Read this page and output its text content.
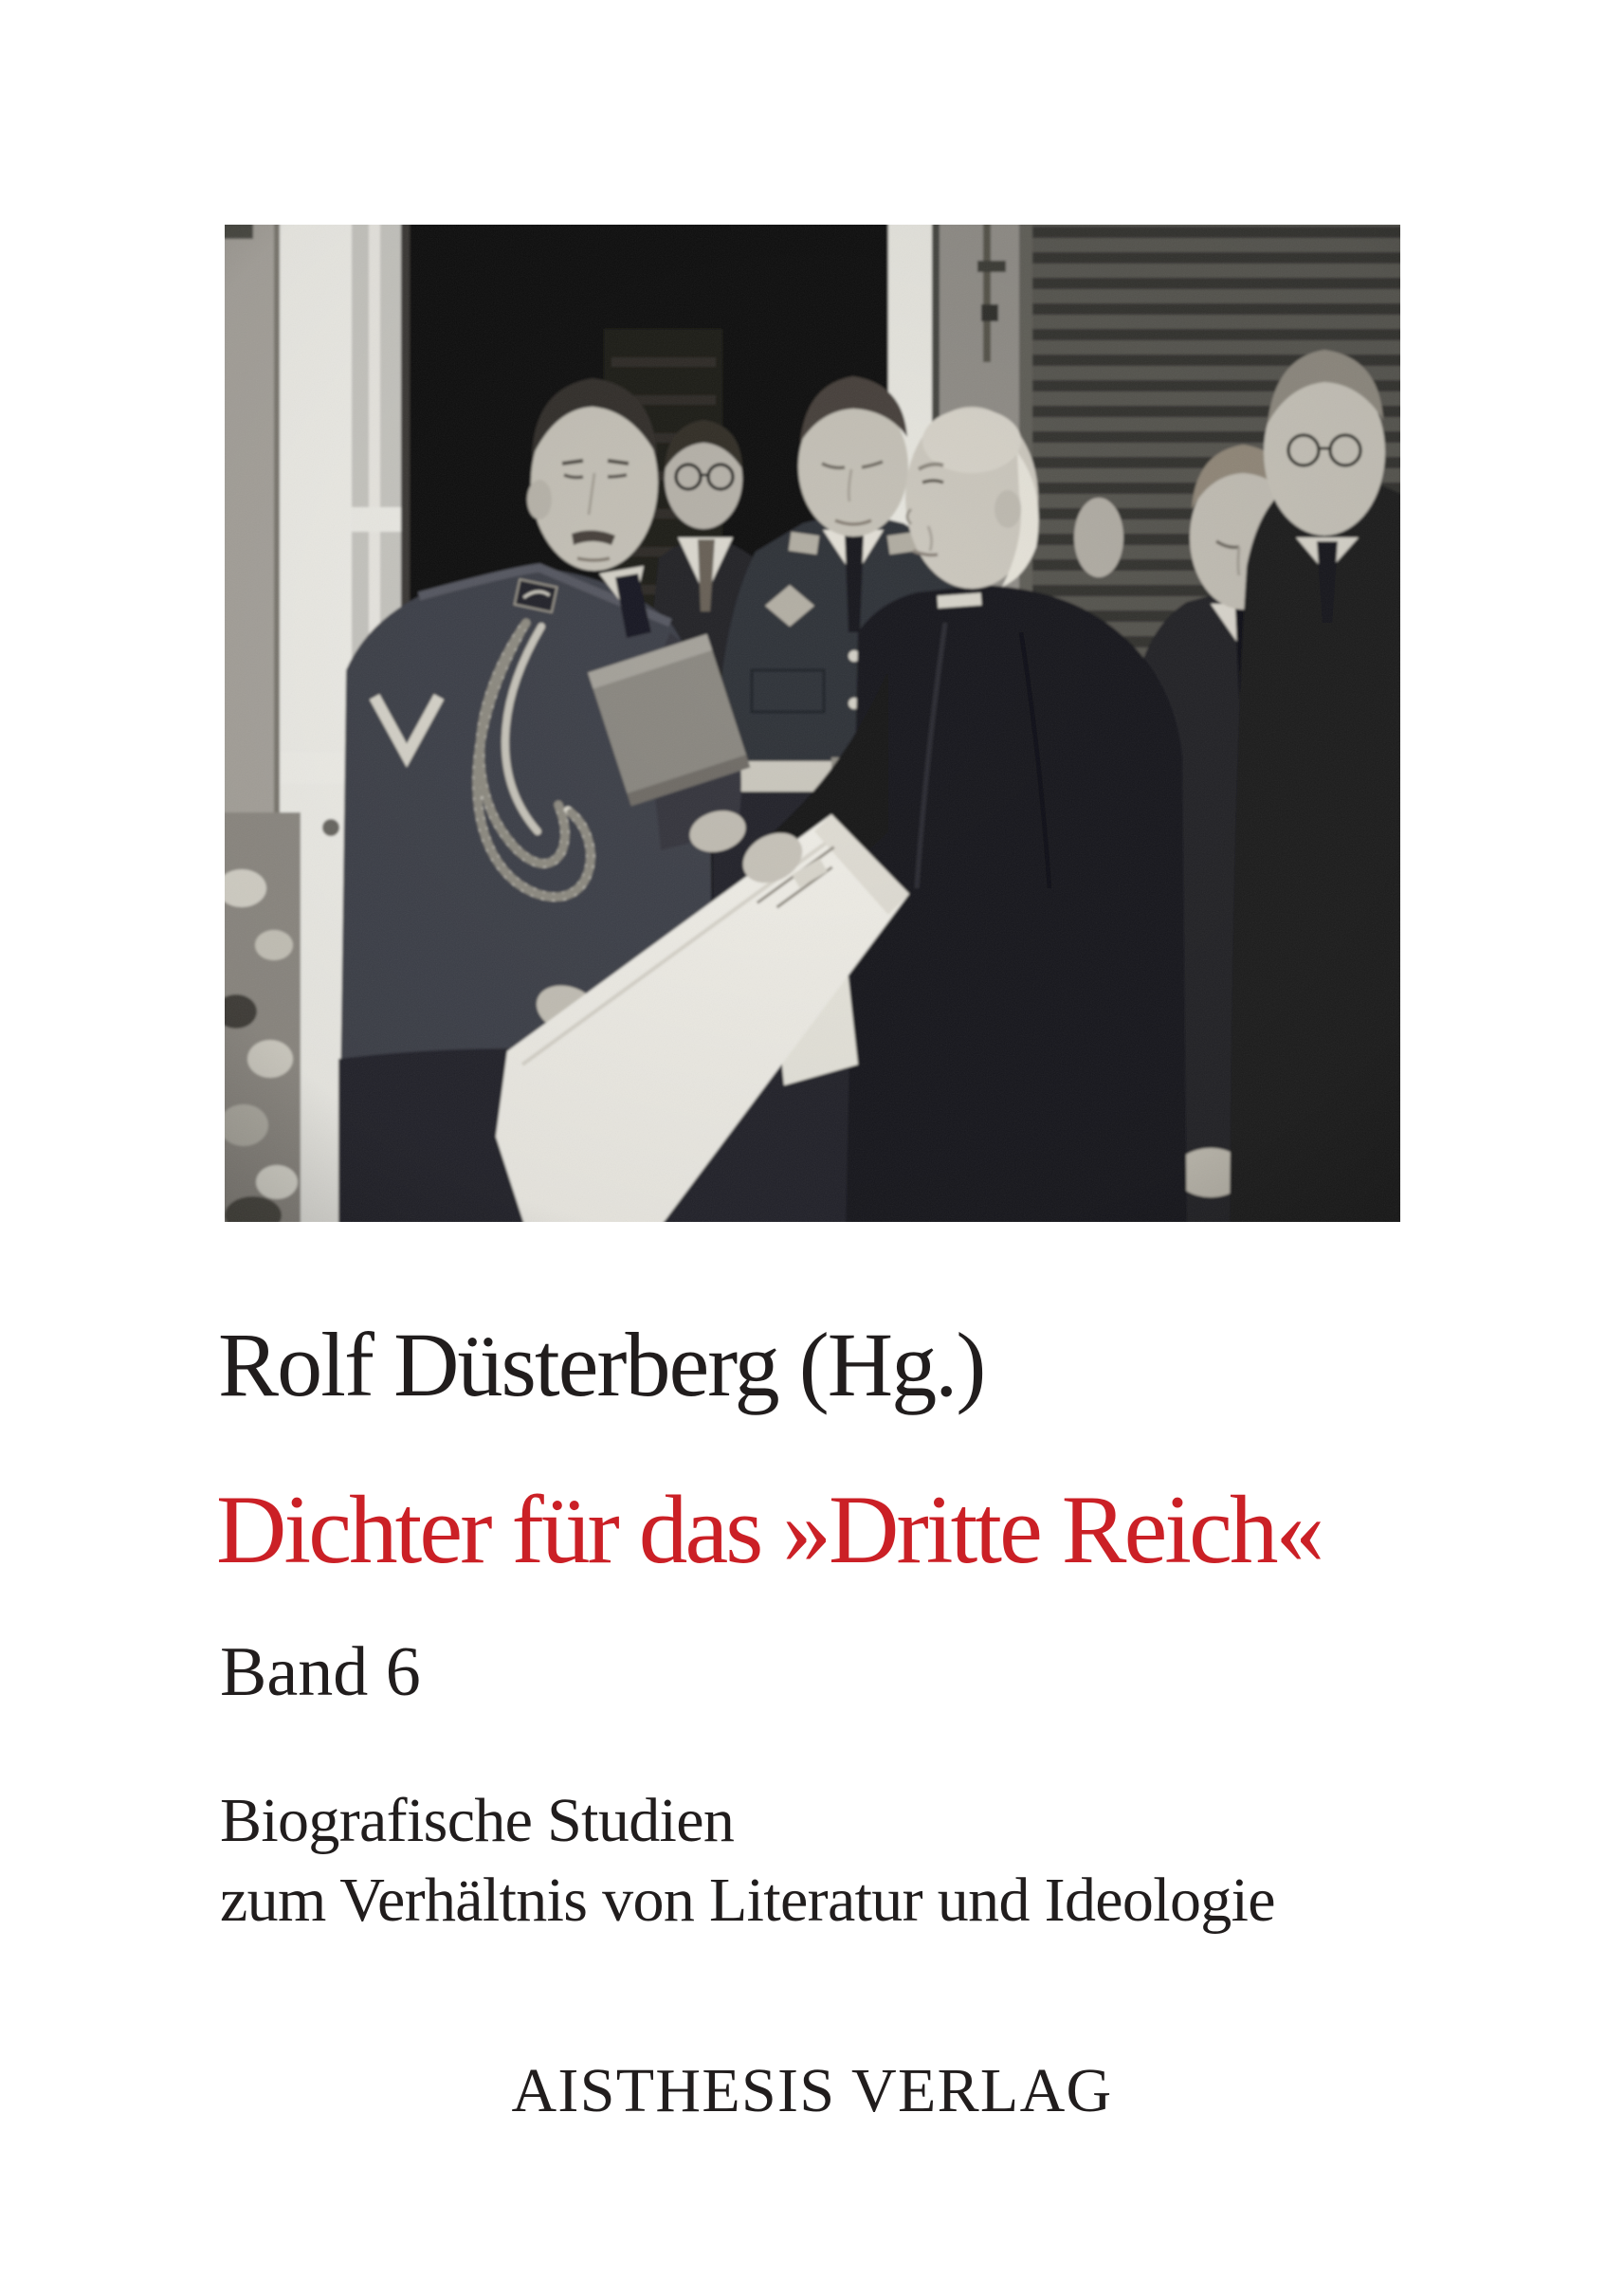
Rolf Düsterberg (Hg.)
Dichter für das »Dritte Reich«
Band 6
Biografische Studien
zum Verhältnis von Literatur und Ideologie
AISTHESIS VERLAG
